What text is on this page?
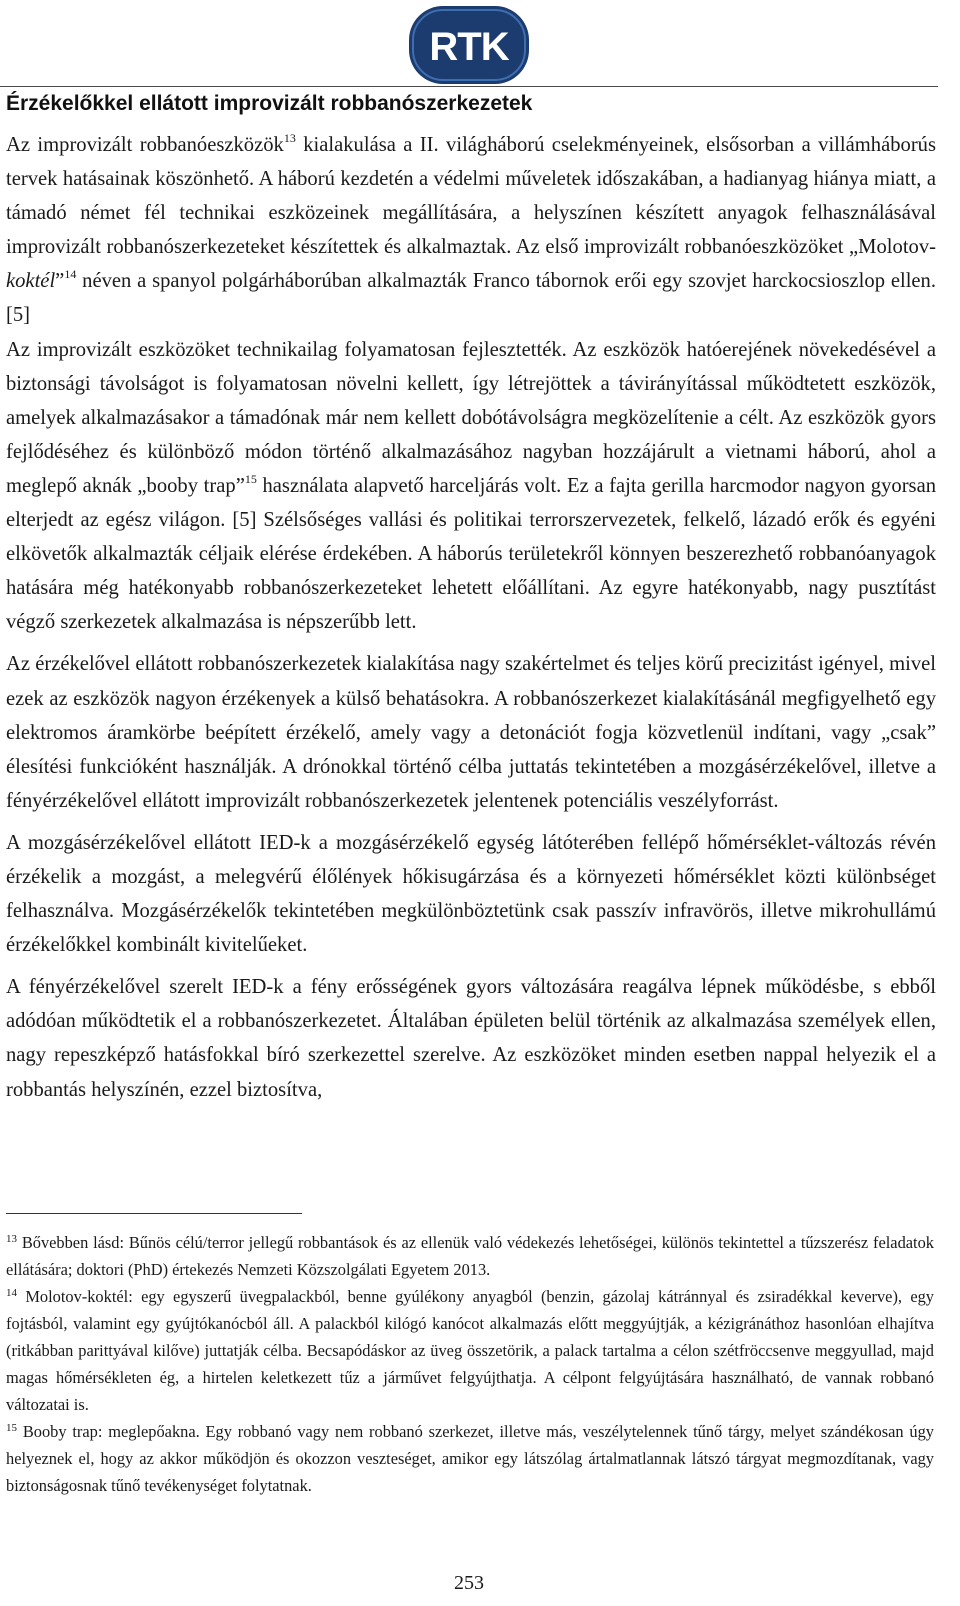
RTK
Érzékelőkkel ellátott improvizált robbanószerkezetek

Az improvizált robbanóeszközök$^{13}$ kialakulása a II. világháború cselekményeinek, elsősorban a villámháborús tervek hatásainak köszönhető. A háború kezdetén a védelmi műveletek időszakában, a hadianyag hiánya miatt, a támadó német fél technikai eszközeinek megállítására, a helyszínen készített anyagok felhasználásával improvizált robbanószerkezeteket készítettek és alkalmaztak. Az első improvizált robbanóeszközöket „Molotov-koktél”$^{14}$ néven a spanyol polgárháborúban alkalmazták Franco tábornok erői egy szovjet harckocsioszlop ellen. [5]

Az improvizált eszközöket technikailag folyamatosan fejlesztették. Az eszközök hatóerejének növekedésével a biztonsági távolságot is folyamatosan növelni kellett, így létrejöttek a távirányítással működtetett eszközök, amelyek alkalmazásakor a támadónak már nem kellett dobótávolságra megközelítenie a célt. Az eszközök gyors fejlődéséhez és különböző módon történő alkalmazásához nagyban hozzájárult a vietnami háború, ahol a meglepő aknák „booby trap”$^{15}$ használata alapvető harceljárás volt. Ez a fajta gerilla harcmodor nagyon gyorsan elterjedt az egész világon. [5] Szélsőséges vallási és politikai terrorszervezetek, felkelő, lázadó erők és egyéni elkövetők alkalmazták céljaik elérése érdekében. A háborús területekről könnyen beszerezhető robbanóanyagok hatására még hatékonyabb robbanószerkezeteket lehetett előállítani. Az egyre hatékonyabb, nagy pusztítást végző szerkezetek alkalmazása is népszerűbb lett.

Az érzékelővel ellátott robbanószerkezetek kialakítása nagy szakértelmet és teljes körű precizitást igényel, mivel ezek az eszközök nagyon érzékenyek a külső behatásokra. A robbanószerkezet kialakításánál megfigyelhető egy elektromos áramkörbe beépített érzékelő, amely vagy a detonációt fogja közvetlenül indítani, vagy „csak” élesítési funkcióként használják. A drónokkal történő célba juttatás tekintetében a mozgásérzékelővel, illetve a fényérzékelővel ellátott improvizált robbanószerkezetek jelentenek potenciális veszélyforrást.

A mozgásérzékelővel ellátott IED-k a mozgásérzékelő egység látóterében fellépő hőmérséklet-változás révén érzékelik a mozgást, a melegvérű élőlények hőkisugárzása és a környezeti hőmérséklet közti különbséget felhasználva. Mozgásérzékelők tekintetében megkülönböztetünk csak passzív infravörös, illetve mikrohullámú érzékelőkkel kombinált kivitelűeket.

A fényérzékelővel szerelt IED-k a fény erősségének gyors változására reagálva lépnek működésbe, s ebből adódóan működtetik el a robbanószerkezetet. Általában épületen belül történik az alkalmazása személyek ellen, nagy repeszképző hatásfokkal bíró szerkezettel szerelve. Az eszközöket minden esetben nappal helyezik el a robbantás helyszínén, ezzel biztosítva,

$^{13}$ Bővebben lásd: Bűnös célú/terror jellegű robbantások és az ellenük való védekezés lehetőségei, különös tekintettel a tűzszerész feladatok ellátására; doktori (PhD) értekezés Nemzeti Közszolgálati Egyetem 2013.

$^{14}$ Molotov-koktél: egy egyszerű üvegpalackból, benne gyúlékony anyagból (benzin, gázolaj kátránnyal és zsiradékkal keverve), egy fojtásból, valamint egy gyújtókanócból áll. A palackból kilógó kanócot alkalmazás előtt meggyújtják, a kézigránáthoz hasonlóan elhajítva (ritkábban parittyával kilőve) juttatják célba. Becsapódáskor az üveg összetörik, a palack tartalma a célon szétfröccsenve meggyullad, majd magas hőmérsékleten ég, a hirtelen keletkezett tűz a járművet felgyújthatja. A célpont felgyújtására használható, de vannak robbanó változatai is.

$^{15}$ Booby trap: meglepőakna. Egy robbanó vagy nem robbanó szerkezet, illetve más, veszélytelennek tűnő tárgy, melyet szándékosan úgy helyeznek el, hogy az akkor működjön és okozzon veszteséget, amikor egy látszólag ártalmatlannak látszó tárgyat megmozdítanak, vagy biztonságosnak tűnő tevékenységet folytatnak.

253
